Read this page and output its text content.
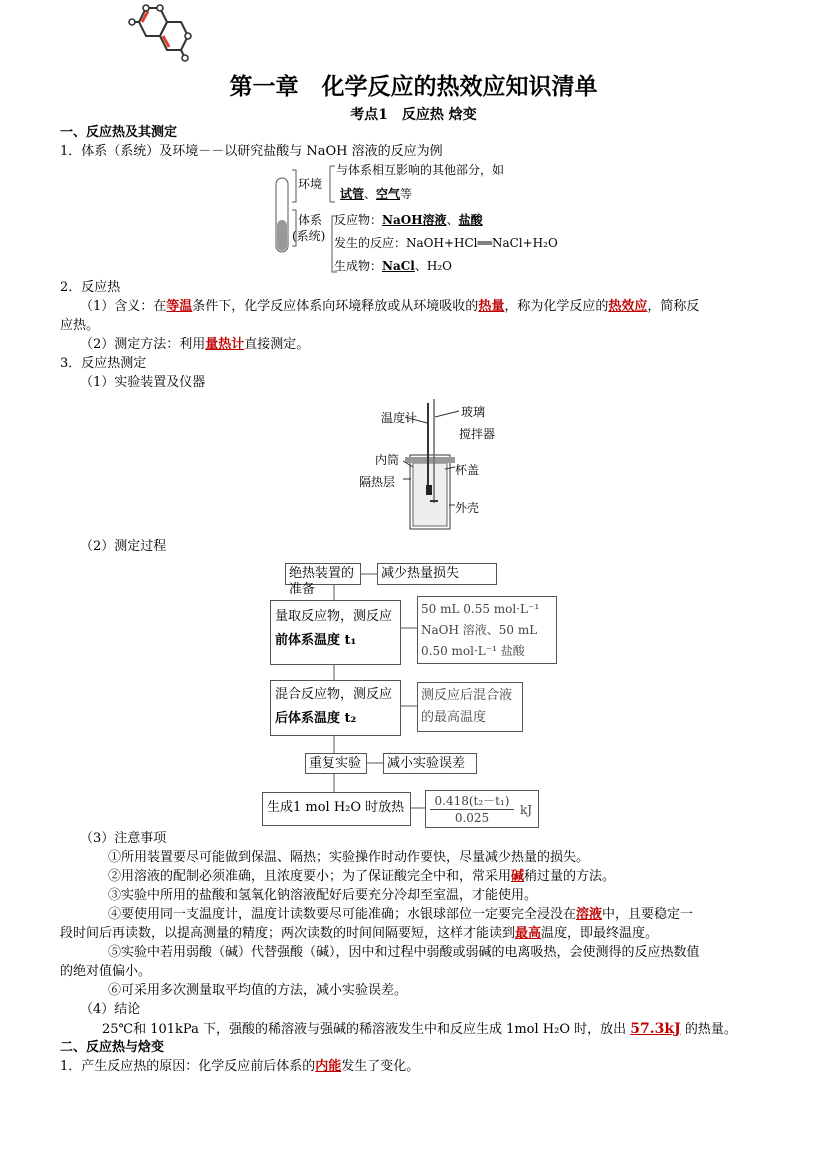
第一章　化学反应的热效应知识清单
考点1　反应热 焓变
一、反应热及其测定
1．体系（系统）及环境－－以研究盐酸与 NaOH 溶液的反应为例
环境
与体系相互影响的其他部分，如
试管、空气等
体系
(系统)
反应物：NaOH溶液、盐酸
发生的反应：NaOH+HCl══NaCl+H₂O
生成物：NaCl、H₂O
2．反应热
（1）含义：在等温条件下，化学反应体系向环境释放或从环境吸收的热量，称为化学反应的热效应，简称反
应热。
（2）测定方法：利用量热计直接测定。
3．反应热测定
（1）实验装置及仪器
温度计	玻璃
搅拌器
内筒
杯盖
隔热层
外壳
（2）测定过程
绝热装置的准备
减少热量损失
量取反应物，测反应
前体系温度 t₁
50 mL 0.55 mol·L⁻¹
NaOH 溶液、50 mL
0.50 mol·L⁻¹ 盐酸
混合反应物，测反应
后体系温度 t₂
测反应后混合液
的最高温度
重复实验	减小实验误差
生成1 mol H₂O 时放热	0.418(t₂－t₁)
0.025
kJ
（3）注意事项
①所用装置要尽可能做到保温、隔热；实验操作时动作要快，尽量减少热量的损失。
②用溶液的配制必须准确，且浓度要小；为了保证酸完全中和，常采用碱稍过量的方法。
③实验中所用的盐酸和氢氧化钠溶液配好后要充分冷却至室温，才能使用。
④要使用同一支温度计，温度计读数要尽可能准确；水银球部位一定要完全浸没在溶液中，且要稳定一
段时间后再读数，以提高测量的精度；两次读数的时间间隔要短，这样才能读到最高温度，即最终温度。
⑤实验中若用弱酸（碱）代替强酸（碱），因中和过程中弱酸或弱碱的电离吸热，会使测得的反应热数值
的绝对值偏小。
⑥可采用多次测量取平均值的方法，减小实验误差。
（4）结论
25℃和 101kPa 下，强酸的稀溶液与强碱的稀溶液发生中和反应生成 1mol H₂O 时，放出 57.3kJ 的热量。
二、反应热与焓变
1．产生反应热的原因：化学反应前后体系的内能发生了变化。
